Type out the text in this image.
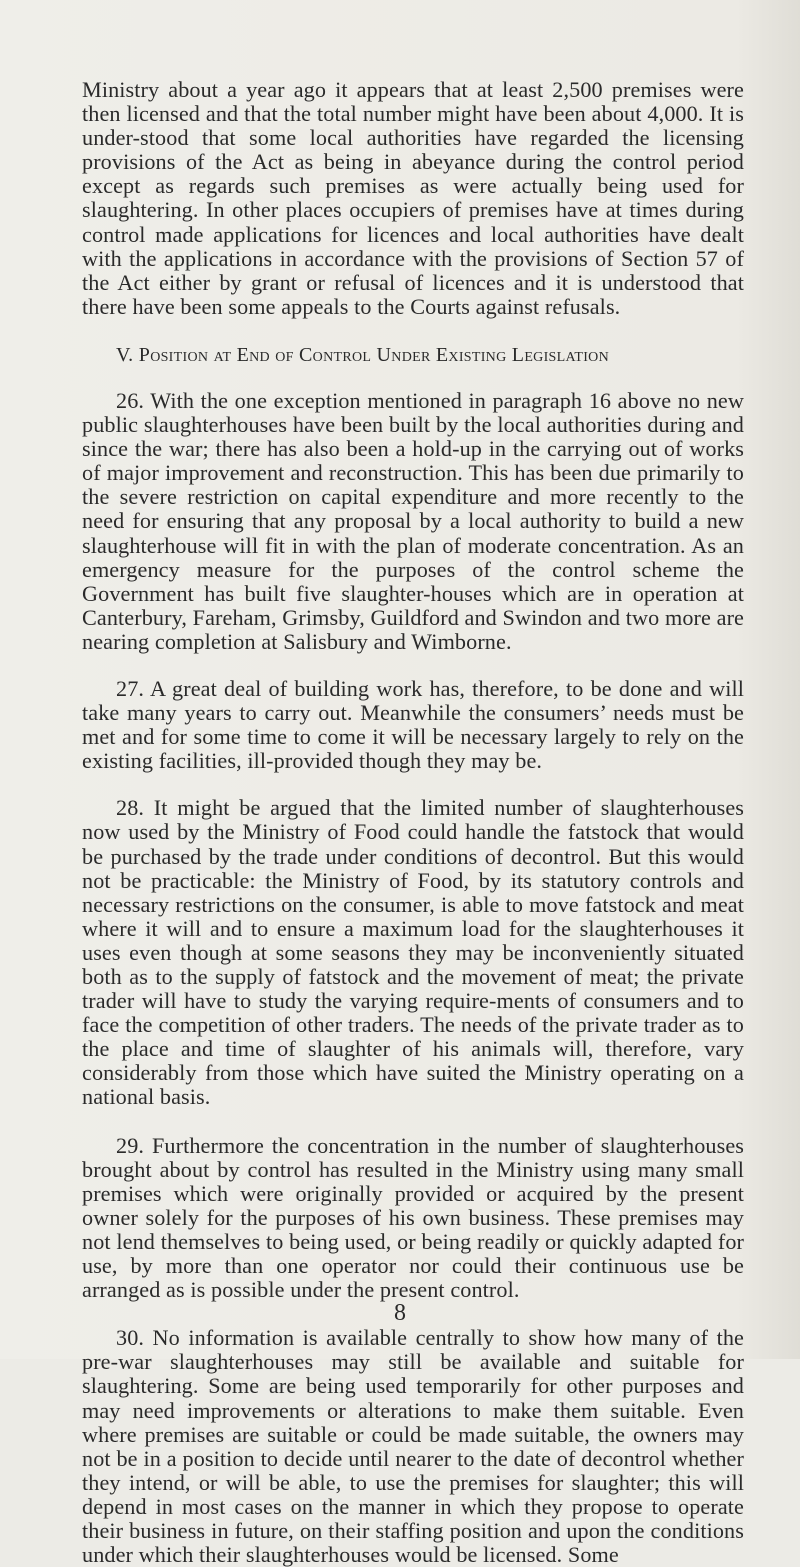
Ministry about a year ago it appears that at least 2,500 premises were then licensed and that the total number might have been about 4,000. It is under-stood that some local authorities have regarded the licensing provisions of the Act as being in abeyance during the control period except as regards such premises as were actually being used for slaughtering. In other places occupiers of premises have at times during control made applications for licences and local authorities have dealt with the applications in accordance with the provisions of Section 57 of the Act either by grant or refusal of licences and it is understood that there have been some appeals to the Courts against refusals.

V. Position at End of Control Under Existing Legislation

26. With the one exception mentioned in paragraph 16 above no new public slaughterhouses have been built by the local authorities during and since the war; there has also been a hold-up in the carrying out of works of major improvement and reconstruction. This has been due primarily to the severe restriction on capital expenditure and more recently to the need for ensuring that any proposal by a local authority to build a new slaughterhouse will fit in with the plan of moderate concentration. As an emergency measure for the purposes of the control scheme the Government has built five slaughter-houses which are in operation at Canterbury, Fareham, Grimsby, Guildford and Swindon and two more are nearing completion at Salisbury and Wimborne.

27. A great deal of building work has, therefore, to be done and will take many years to carry out. Meanwhile the consumers’ needs must be met and for some time to come it will be necessary largely to rely on the existing facilities, ill-provided though they may be.

28. It might be argued that the limited number of slaughterhouses now used by the Ministry of Food could handle the fatstock that would be purchased by the trade under conditions of decontrol. But this would not be practicable: the Ministry of Food, by its statutory controls and necessary restrictions on the consumer, is able to move fatstock and meat where it will and to ensure a maximum load for the slaughterhouses it uses even though at some seasons they may be inconveniently situated both as to the supply of fatstock and the movement of meat; the private trader will have to study the varying require-ments of consumers and to face the competition of other traders. The needs of the private trader as to the place and time of slaughter of his animals will, therefore, vary considerably from those which have suited the Ministry operating on a national basis.

29. Furthermore the concentration in the number of slaughterhouses brought about by control has resulted in the Ministry using many small premises which were originally provided or acquired by the present owner solely for the purposes of his own business. These premises may not lend themselves to being used, or being readily or quickly adapted for use, by more than one operator nor could their continuous use be arranged as is possible under the present control.

30. No information is available centrally to show how many of the pre-war slaughterhouses may still be available and suitable for slaughtering. Some are being used temporarily for other purposes and may need improvements or alterations to make them suitable. Even where premises are suitable or could be made suitable, the owners may not be in a position to decide until nearer to the date of decontrol whether they intend, or will be able, to use the premises for slaughter; this will depend in most cases on the manner in which they propose to operate their business in future, on their staffing position and upon the conditions under which their slaughterhouses would be licensed. Some

8
